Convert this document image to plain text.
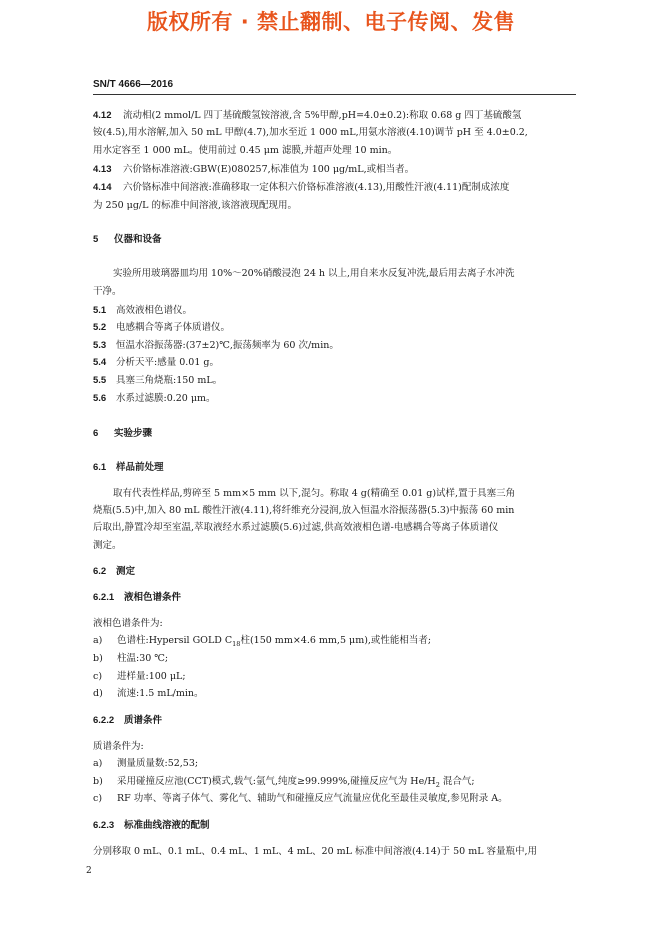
版权所有 · 禁止翻制、电子传阅、发售
SN/T 4666—2016
4.12 流动相(2 mmol/L 四丁基硫酸氢铵溶液,含 5%甲醇,pH=4.0±0.2):称取 0.68 g 四丁基硫酸氢
铵(4.5),用水溶解,加入 50 mL 甲醇(4.7),加水至近 1 000 mL,用氨水溶液(4.10)调节 pH 至 4.0±0.2,
用水定容至 1 000 mL。使用前过 0.45 μm 滤膜,并超声处理 10 min。
4.13 六价铬标准溶液:GBW(E)080257,标准值为 100 μg/mL,或相当者。
4.14 六价铬标准中间溶液:准确移取一定体积六价铬标准溶液(4.13),用酸性汗液(4.11)配制成浓度
为 250 μg/L 的标准中间溶液,该溶液现配现用。
5 仪器和设备
实验所用玻璃器皿均用 10%～20%硝酸浸泡 24 h 以上,用自来水反复冲洗,最后用去离子水冲洗
干净。
5.1 高效液相色谱仪。
5.2 电感耦合等离子体质谱仪。
5.3 恒温水浴振荡器:(37±2)℃,振荡频率为 60 次/min。
5.4 分析天平:感量 0.01 g。
5.5 具塞三角烧瓶:150 mL。
5.6 水系过滤膜:0.20 μm。
6 实验步骤
6.1 样品前处理
取有代表性样品,剪碎至 5 mm×5 mm 以下,混匀。称取 4 g(精确至 0.01 g)试样,置于具塞三角
烧瓶(5.5)中,加入 80 mL 酸性汗液(4.11),将纤维充分浸润,放入恒温水浴振荡器(5.3)中振荡 60 min
后取出,静置冷却至室温,萃取液经水系过滤膜(5.6)过滤,供高效液相色谱-电感耦合等离子体质谱仪
测定。
6.2 测定
6.2.1 液相色谱条件
液相色谱条件为:
a) 色谱柱:Hypersil GOLD $C_{18}$柱(150 mm×4.6 mm,5 μm),或性能相当者;
b) 柱温:30 ℃;
c) 进样量:100 μL;
d) 流速:1.5 mL/min。
6.2.2 质谱条件
质谱条件为:
a) 测量质量数:52,53;
b) 采用碰撞反应池(CCT)模式,载气:氩气,纯度≥99.999%,碰撞反应气为 $He/H_2$ 混合气;
c) RF 功率、等离子体气、雾化气、辅助气和碰撞反应气流量应优化至最佳灵敏度,参见附录 A。
6.2.3 标准曲线溶液的配制
分别移取 0 mL、0.1 mL、0.4 mL、1 mL、4 mL、20 mL 标准中间溶液(4.14)于 50 mL 容量瓶中,用
2
